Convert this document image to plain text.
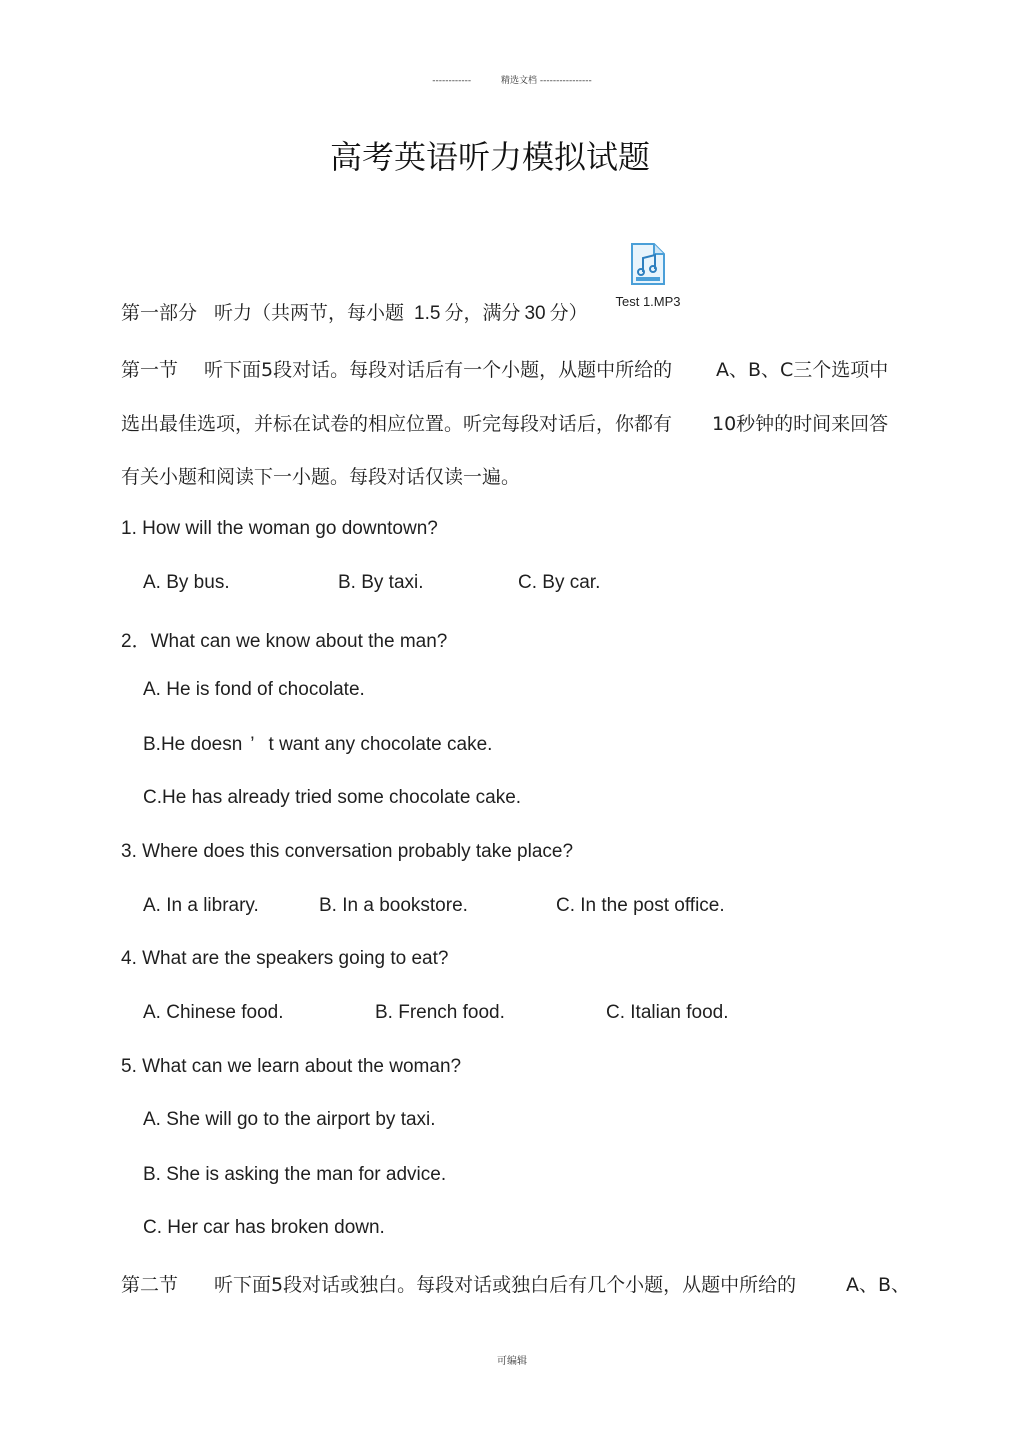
------------	精选文档 ----------------
高考英语听力模拟试题
Test 1.MP3
第一部分 听力（共两节，每小题 1.5 分，满分 30 分）
第一节 听下面5段对话。每段对话后有一个小题，从题中所给的 A、B、C三个选项中
选出最佳选项，并标在试卷的相应位置。听完每段对话后，你都有 10秒钟的时间来回答
有关小题和阅读下一小题。每段对话仅读一遍。
1. How will the woman go downtown?
A. By bus.	B. By taxi.	C. By car.
2．What can we know about the man?
A. He is fond of chocolate.
B.He doesn ’ t want any chocolate cake.
C.He has already tried some chocolate cake.
3. Where does this conversation probably take place?
A. In a library.	B. In a bookstore.	C. In the post office.
4. What are the speakers going to eat?
A. Chinese food.	B. French food.	C. Italian food.
5. What can we learn about the woman?
A. She will go to the airport by taxi.
B. She is asking the man for advice.
C. Her car has broken down.
第二节 听下面5段对话或独白。每段对话或独白后有几个小题，从题中所给的	A、B、
可编辑
